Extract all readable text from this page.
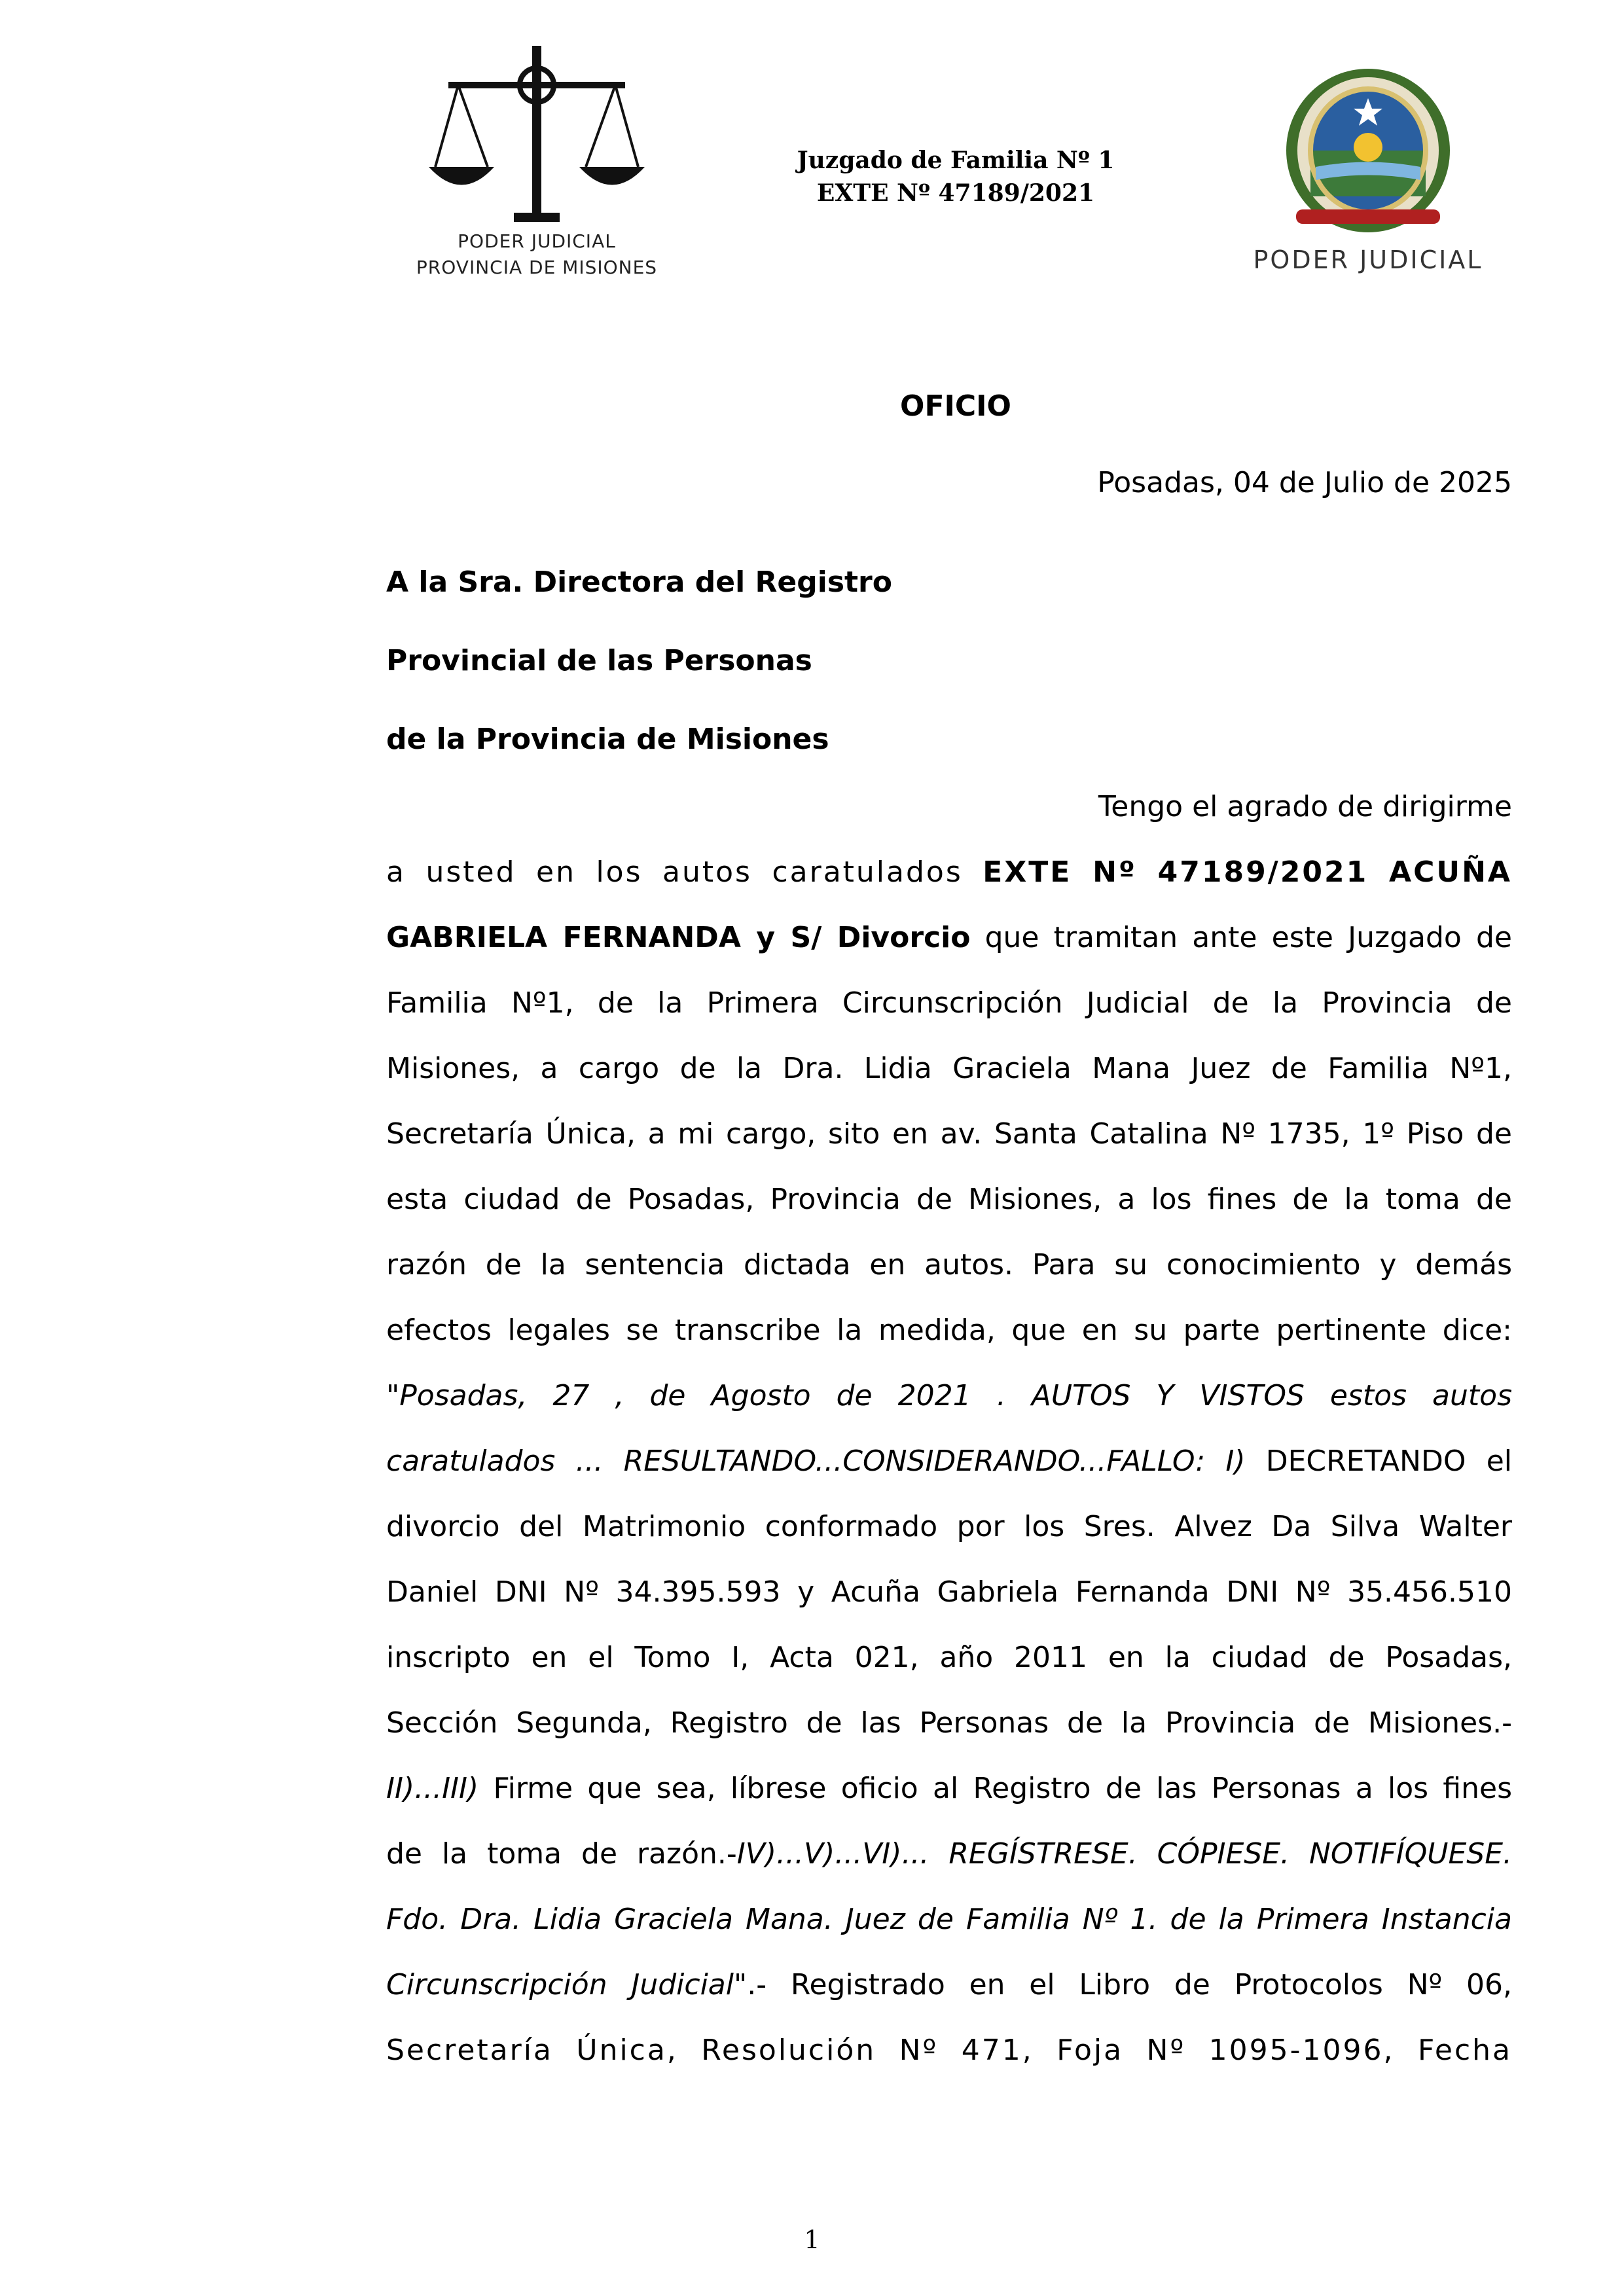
PODER JUDICIAL
PROVINCIA DE MISIONES
Juzgado de Familia Nº 1
EXTE Nº 47189/2021
PODER JUDICIAL
OFICIO
Posadas, 04 de Julio de 2025
A la Sra. Directora del Registro
Provincial de las Personas
de la Provincia de Misiones
Tengo el agrado de dirigirme
a usted en los autos caratulados EXTE Nº 47189/2021 ACUÑA
GABRIELA FERNANDA y S/ Divorcio que tramitan ante este Juzgado de
Familia Nº1, de la Primera Circunscripción Judicial de la Provincia de
Misiones, a cargo de la Dra. Lidia Graciela Mana Juez de Familia Nº1,
Secretaría Única, a mi cargo, sito en av. Santa Catalina Nº 1735, 1º Piso de
esta ciudad de Posadas, Provincia de Misiones, a los fines de la toma de
razón de la sentencia dictada en autos. Para su conocimiento y demás
efectos legales se transcribe la medida, que en su parte pertinente dice:
"Posadas, 27 , de Agosto de 2021 . AUTOS Y VISTOS estos autos
caratulados ... RESULTANDO...CONSIDERANDO...FALLO: I) DECRETANDO el
divorcio del Matrimonio conformado por los Sres. Alvez Da Silva Walter
Daniel DNI Nº 34.395.593 y Acuña Gabriela Fernanda DNI Nº 35.456.510
inscripto en el Tomo I, Acta 021, año 2011 en la ciudad de Posadas,
Sección Segunda, Registro de las Personas de la Provincia de Misiones.-
II)...III) Firme que sea, líbrese oficio al Registro de las Personas a los fines
de la toma de razón.-IV)...V)...VI)... REGÍSTRESE. CÓPIESE. NOTIFÍQUESE.
Fdo. Dra. Lidia Graciela Mana. Juez de Familia Nº 1. de la Primera Instancia
Circunscripción Judicial".- Registrado en el Libro de Protocolos Nº 06,
Secretaría Única, Resolución Nº 471, Foja Nº 1095-1096, Fecha
1
